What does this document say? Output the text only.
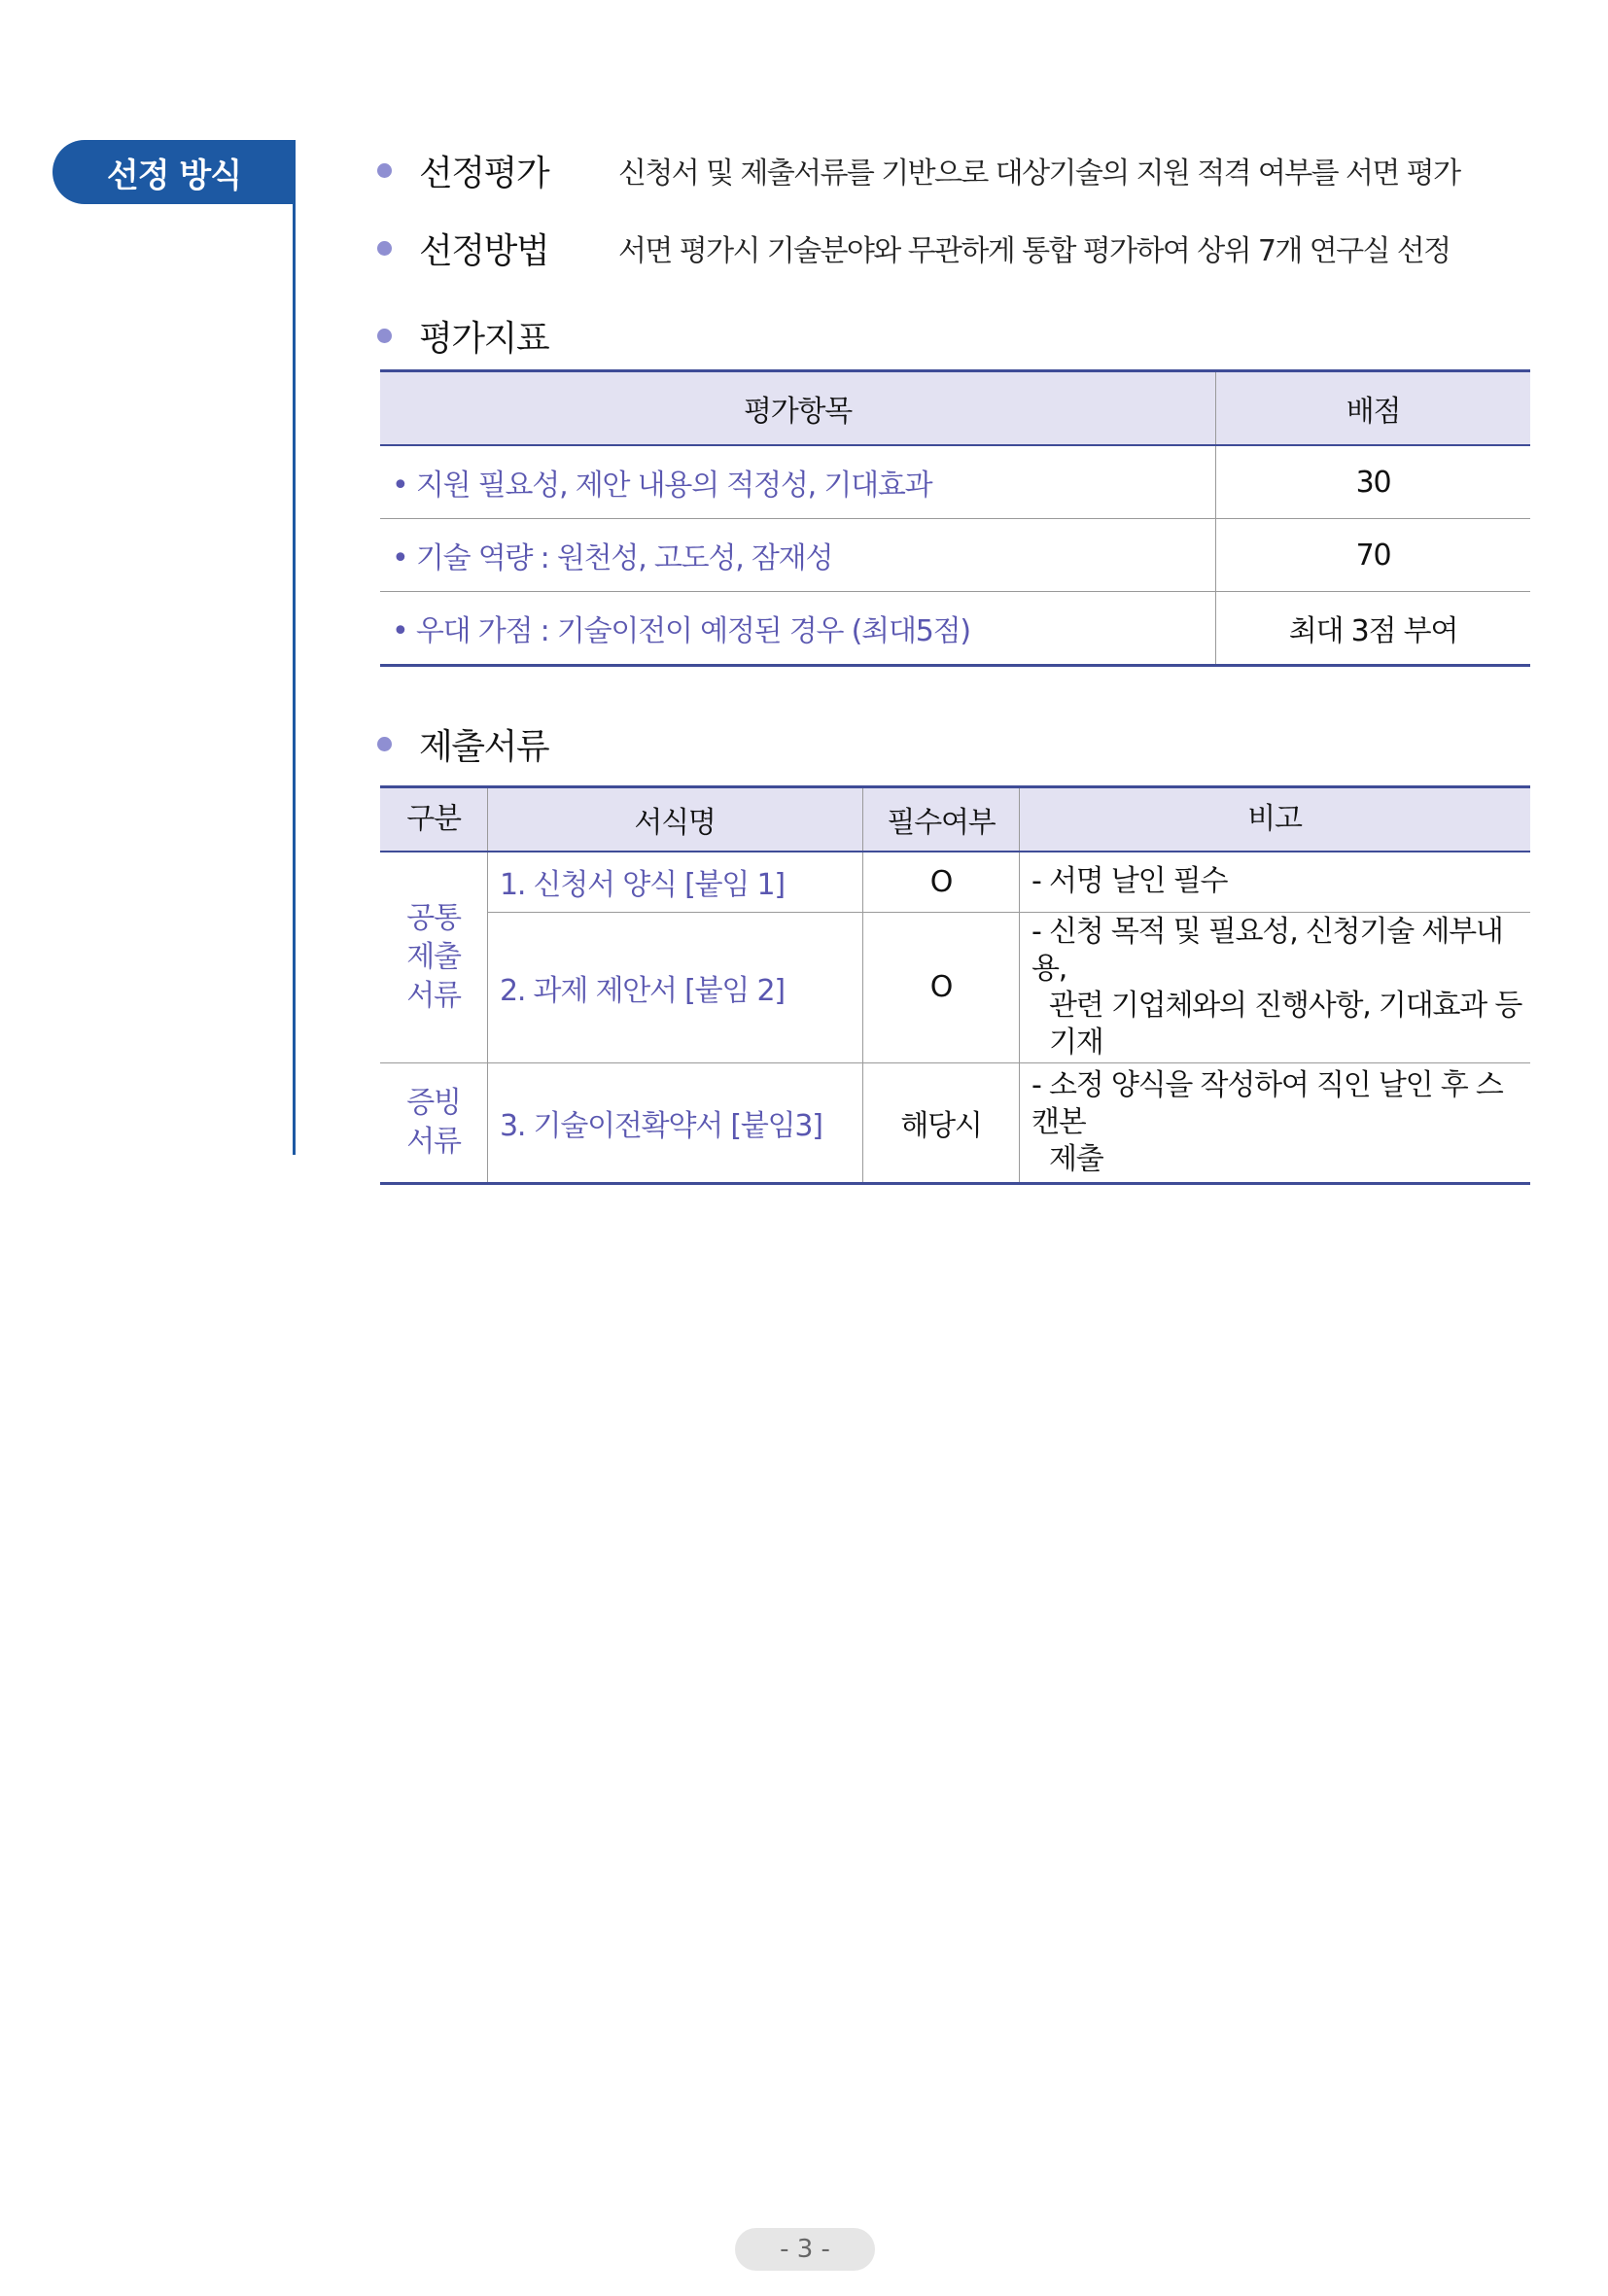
선정 방식	선정평가 신청서 및 제출서류를 기반으로 대상기술의 지원 적격 여부를 서면 평가
선정방법 서면 평가시 기술분야와 무관하게 통합 평가하여 상위 7개 연구실 선정
평가지표
평가항목	배점
• 지원 필요성, 제안 내용의 적정성, 기대효과	30
• 기술 역량 : 원천성, 고도성, 잠재성	70
• 우대 가점 : 기술이전이 예정된 경우 (최대5점)	최대 3점 부여
제출서류
구분	서식명	필수여부	비고

공통
제출
서류	1. 신청서 양식 [붙임 1]	O	- 서명 날인 필수

	2. 과제 제안서 [붙임 2]	O	- 신청 목적 및 필요성, 신청기술 세부내용,
관련 기업체와의 진행사항, 기대효과 등 기재

증빙
서류	3. 기술이전확약서 [붙임3]	해당시	- 소정 양식을 작성하여 직인 날인 후 스캔본
제출
- 3 -
